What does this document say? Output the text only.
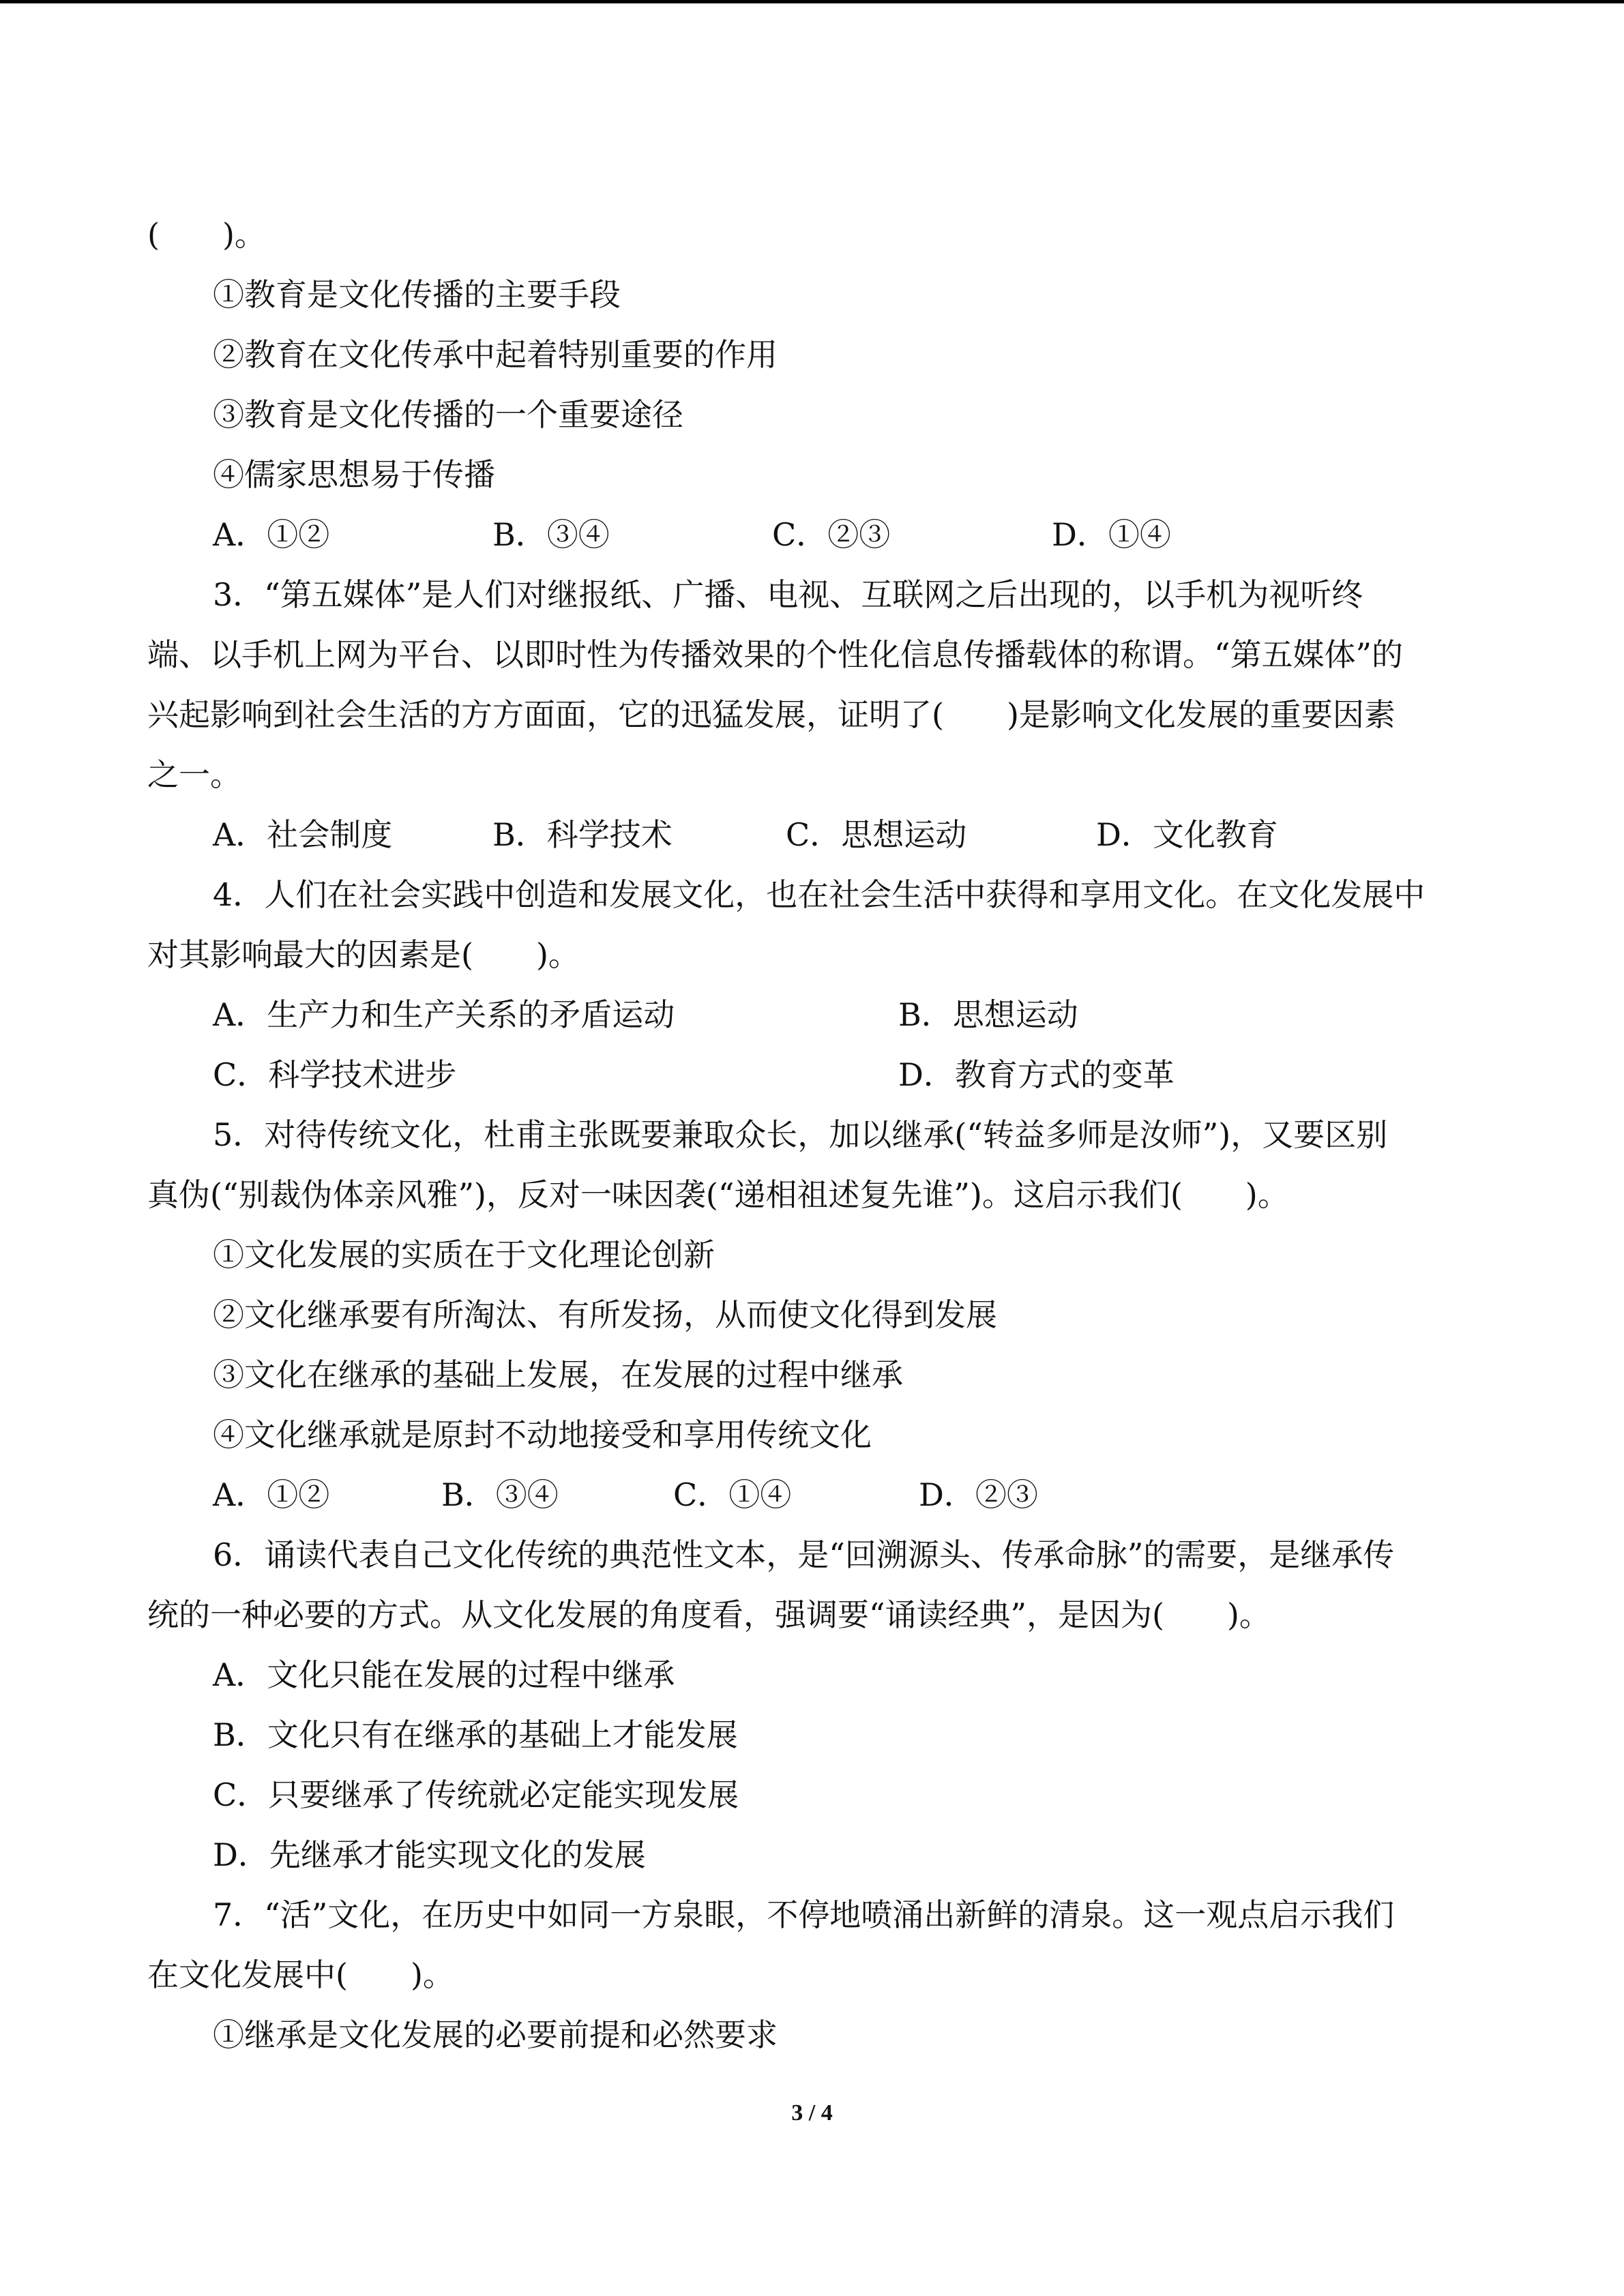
(　　)。
①教育是文化传播的主要手段
②教育在文化传承中起着特别重要的作用
③教育是文化传播的一个重要途径
④儒家思想易于传播
A．①②	B．③④	C．②③	D．①④
3．“第五媒体”是人们对继报纸、广播、电视、互联网之后出现的，以手机为视听终
端、以手机上网为平台、以即时性为传播效果的个性化信息传播载体的称谓。“第五媒体”的
兴起影响到社会生活的方方面面，它的迅猛发展，证明了(　　)是影响文化发展的重要因素
之一。
A．社会制度	B．科学技术	C．思想运动	D．文化教育
4．人们在社会实践中创造和发展文化，也在社会生活中获得和享用文化。在文化发展中
对其影响最大的因素是(　　)。
A．生产力和生产关系的矛盾运动	B．思想运动
C．科学技术进步	D．教育方式的变革
5．对待传统文化，杜甫主张既要兼取众长，加以继承(“转益多师是汝师”)，又要区别
真伪(“别裁伪体亲风雅”)，反对一味因袭(“递相祖述复先谁”)。这启示我们(　　)。
①文化发展的实质在于文化理论创新
②文化继承要有所淘汰、有所发扬，从而使文化得到发展
③文化在继承的基础上发展，在发展的过程中继承
④文化继承就是原封不动地接受和享用传统文化
A．①②	B．③④	C．①④	D．②③
6．诵读代表自己文化传统的典范性文本，是“回溯源头、传承命脉”的需要，是继承传
统的一种必要的方式。从文化发展的角度看，强调要“诵读经典”，是因为(　　)。
A．文化只能在发展的过程中继承
B．文化只有在继承的基础上才能发展
C．只要继承了传统就必定能实现发展
D．先继承才能实现文化的发展
7．“活”文化，在历史中如同一方泉眼，不停地喷涌出新鲜的清泉。这一观点启示我们
在文化发展中(　　)。
①继承是文化发展的必要前提和必然要求
3 / 4
